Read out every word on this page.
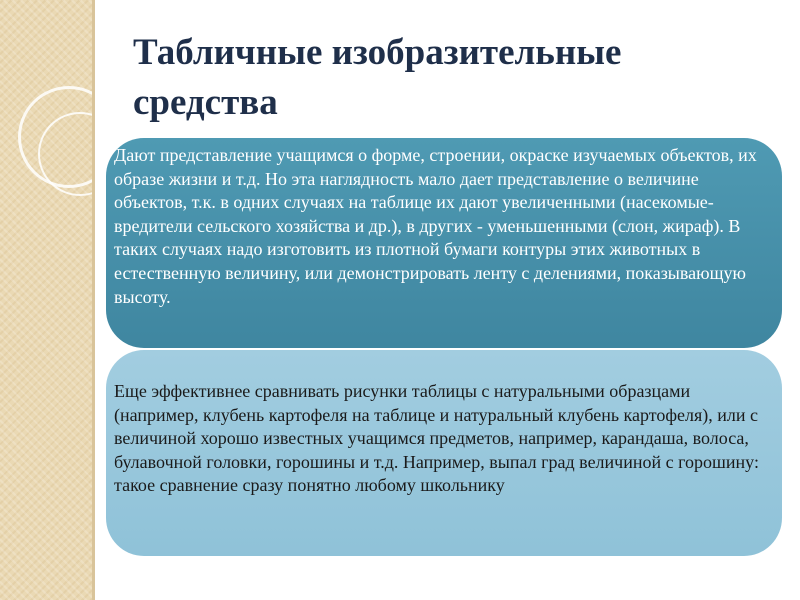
Табличные изобразительные средства
Дают представление учащимся о форме, строении, окраске изучаемых объектов, их образе жизни и т.д. Но эта наглядность мало дает представление о величине объектов, т.к. в одних случаях на таблице их дают увеличенными (насекомые-вредители сельского хозяйства и др.), в других - уменьшенными (слон, жираф). В таких случаях надо изготовить из плотной бумаги контуры этих животных в естественную величину, или демонстрировать ленту с делениями, показывающую высоту.
Еще эффективнее сравнивать рисунки таблицы с натуральными образцами (например, клубень картофеля на таблице и натуральный клубень картофеля), или с величиной хорошо известных учащимся предметов, например, карандаша, волоса, булавочной головки, горошины и т.д. Например, выпал град величиной с горошину: такое сравнение сразу понятно любому школьнику
